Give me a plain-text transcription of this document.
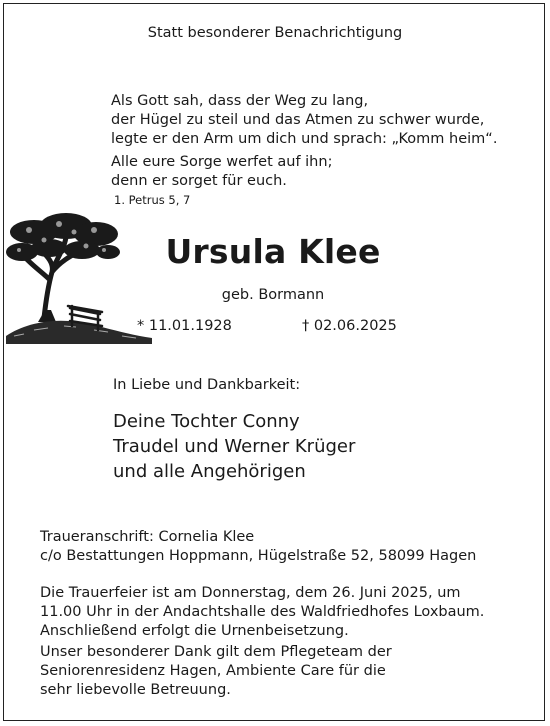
Statt besonderer Benachrichtigung
Als Gott sah, dass der Weg zu lang,
der Hügel zu steil und das Atmen zu schwer wurde,
legte er den Arm um dich und sprach: „Komm heim“.
Alle eure Sorge werfet auf ihn;
denn er sorget für euch.
1. Petrus 5, 7
Ursula Klee
geb. Bormann
* 11.01.1928	† 02.06.2025
In Liebe und Dankbarkeit:
Deine Tochter Conny
Traudel und Werner Krüger
und alle Angehörigen
Traueranschrift: Cornelia Klee
c/o Bestattungen Hoppmann, Hügelstraße 52, 58099 Hagen
Die Trauerfeier ist am Donnerstag, dem 26. Juni 2025, um
11.00 Uhr in der Andachtshalle des Waldfriedhofes Loxbaum.
Anschließend erfolgt die Urnenbeisetzung.
Unser besonderer Dank gilt dem Pflegeteam der
Seniorenresidenz Hagen, Ambiente Care für die
sehr liebevolle Betreuung.
